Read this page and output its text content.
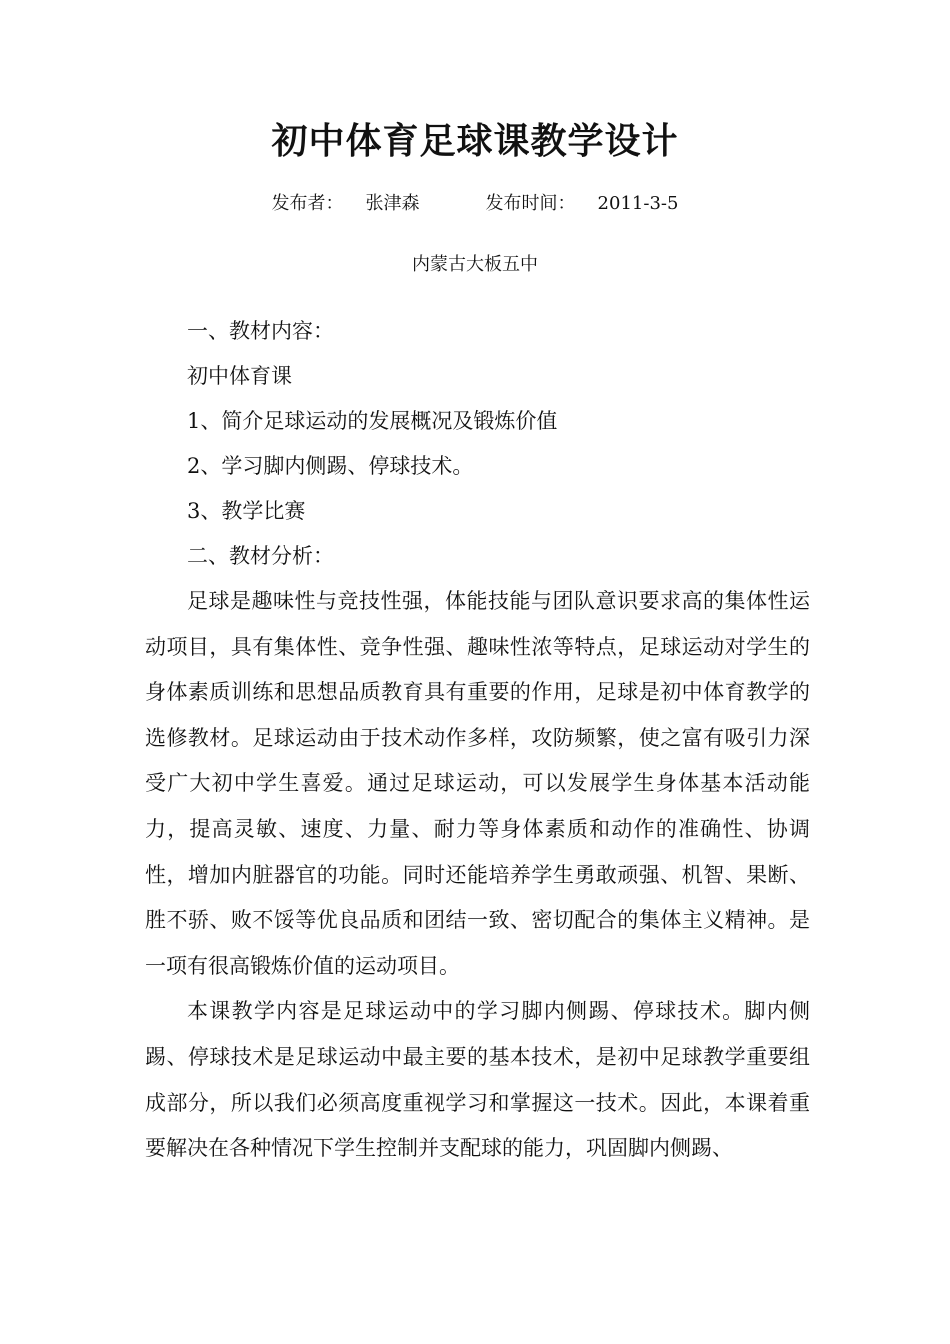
初中体育足球课教学设计
发布者： 张津森	发布时间： 2011-3-5
内蒙古大板五中
一、教材内容：
初中体育课
1、简介足球运动的发展概况及锻炼价值
2、学习脚内侧踢、停球技术。
3、教学比赛
二、教材分析：

足球是趣味性与竞技性强，体能技能与团队意识要求高的集体性运动项目，具有集体性、竞争性强、趣味性浓等特点，足球运动对学生的身体素质训练和思想品质教育具有重要的作用，足球是初中体育教学的选修教材。足球运动由于技术动作多样，攻防频繁，使之富有吸引力深受广大初中学生喜爱。通过足球运动，可以发展学生身体基本活动能力，提高灵敏、速度、力量、耐力等身体素质和动作的准确性、协调性，增加内脏器官的功能。同时还能培养学生勇敢顽强、机智、果断、胜不骄、败不馁等优良品质和团结一致、密切配合的集体主义精神。是一项有很高锻炼价值的运动项目。

本课教学内容是足球运动中的学习脚内侧踢、停球技术。脚内侧踢、停球技术是足球运动中最主要的基本技术，是初中足球教学重要组成部分，所以我们必须高度重视学习和掌握这一技术。因此，本课着重要解决在各种情况下学生控制并支配球的能力，巩固脚内侧踢、
